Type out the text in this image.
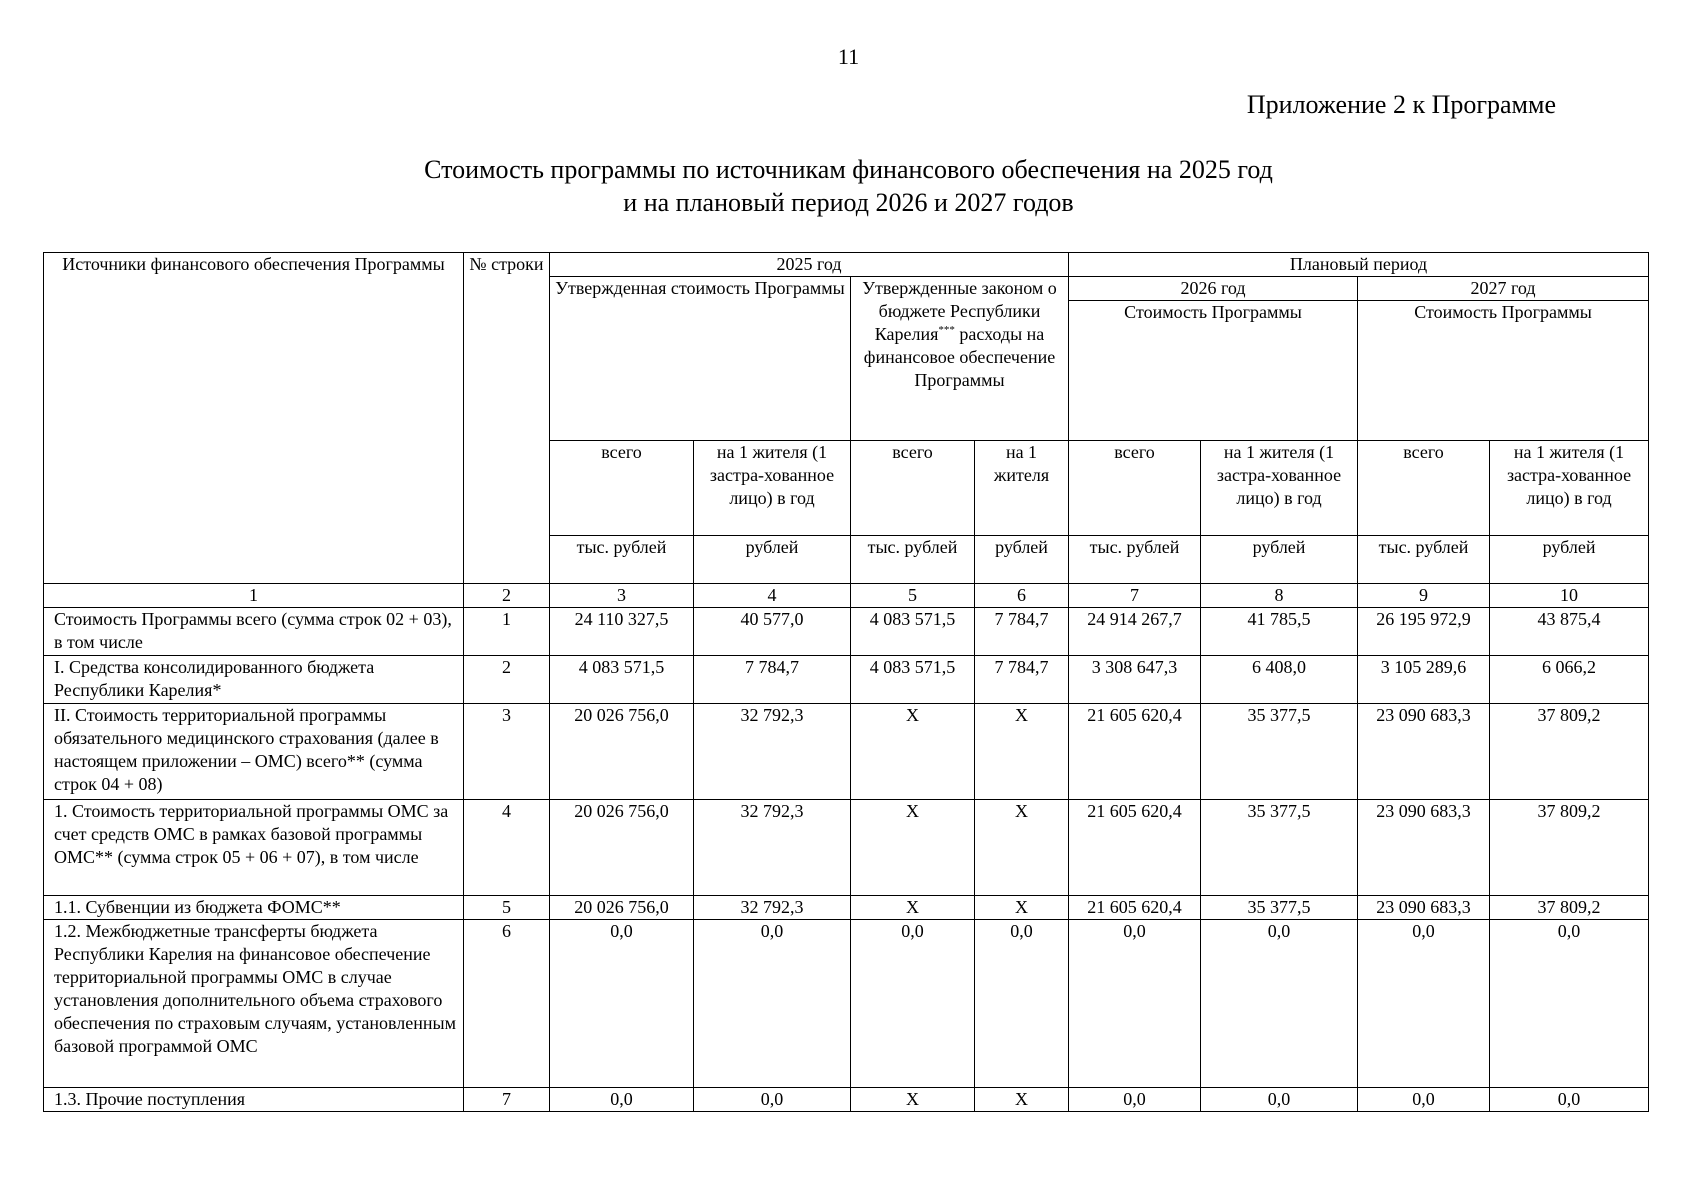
11
Приложение 2 к Программе
Стоимость программы по источникам финансового обеспечения на 2025 год
и на плановый период 2026 и 2027 годов
Источники финансового обеспечения Программы	№ строки	2025 год				Плановый период			
		Утвержденная стоимость Программы		Утвержденные законом о бюджете Республики Карелия*** расходы на финансовое обеспечение Программы		2026 год		2027 год	
						Стоимость Программы		Стоимость Программы	
		всего	на 1 жителя (1 застра-хованное лицо) в год	всего	на 1 жителя	всего	на 1 жителя (1 застра-хованное лицо) в год	всего	на 1 жителя (1 застра-хованное лицо) в год
		тыс. рублей	рублей	тыс. рублей	рублей	тыс. рублей	рублей	тыс. рублей	рублей
1	2	3	4	5	6	7	8	9	10
Стоимость Программы всего (сумма строк 02 + 03), в том числе	1	24 110 327,5	40 577,0	4 083 571,5	7 784,7	24 914 267,7	41 785,5	26 195 972,9	43 875,4
I. Средства консолидированного бюджета Республики Карелия*	2	4 083 571,5	7 784,7	4 083 571,5	7 784,7	3 308 647,3	6 408,0	3 105 289,6	6 066,2
II. Стоимость территориальной программы обязательного медицинского страхования (далее в настоящем приложении – ОМС) всего** (сумма строк 04 + 08)	3	20 026 756,0	32 792,3	Х	Х	21 605 620,4	35 377,5	23 090 683,3	37 809,2
1. Стоимость территориальной программы ОМС за счет средств ОМС в рамках базовой программы ОМС** (сумма строк 05 + 06 + 07), в том числе	4	20 026 756,0	32 792,3	Х	Х	21 605 620,4	35 377,5	23 090 683,3	37 809,2
1.1. Субвенции из бюджета ФОМС**	5	20 026 756,0	32 792,3	Х	Х	21 605 620,4	35 377,5	23 090 683,3	37 809,2
1.2. Межбюджетные трансферты бюджета Республики Карелия на финансовое обеспечение территориальной программы ОМС в случае установления дополнительного объема страхового обеспечения по страховым случаям, установленным базовой программой ОМС	6	0,0	0,0	0,0	0,0	0,0	0,0	0,0	0,0
1.3. Прочие поступления	7	0,0	0,0	Х	Х	0,0	0,0	0,0	0,0
